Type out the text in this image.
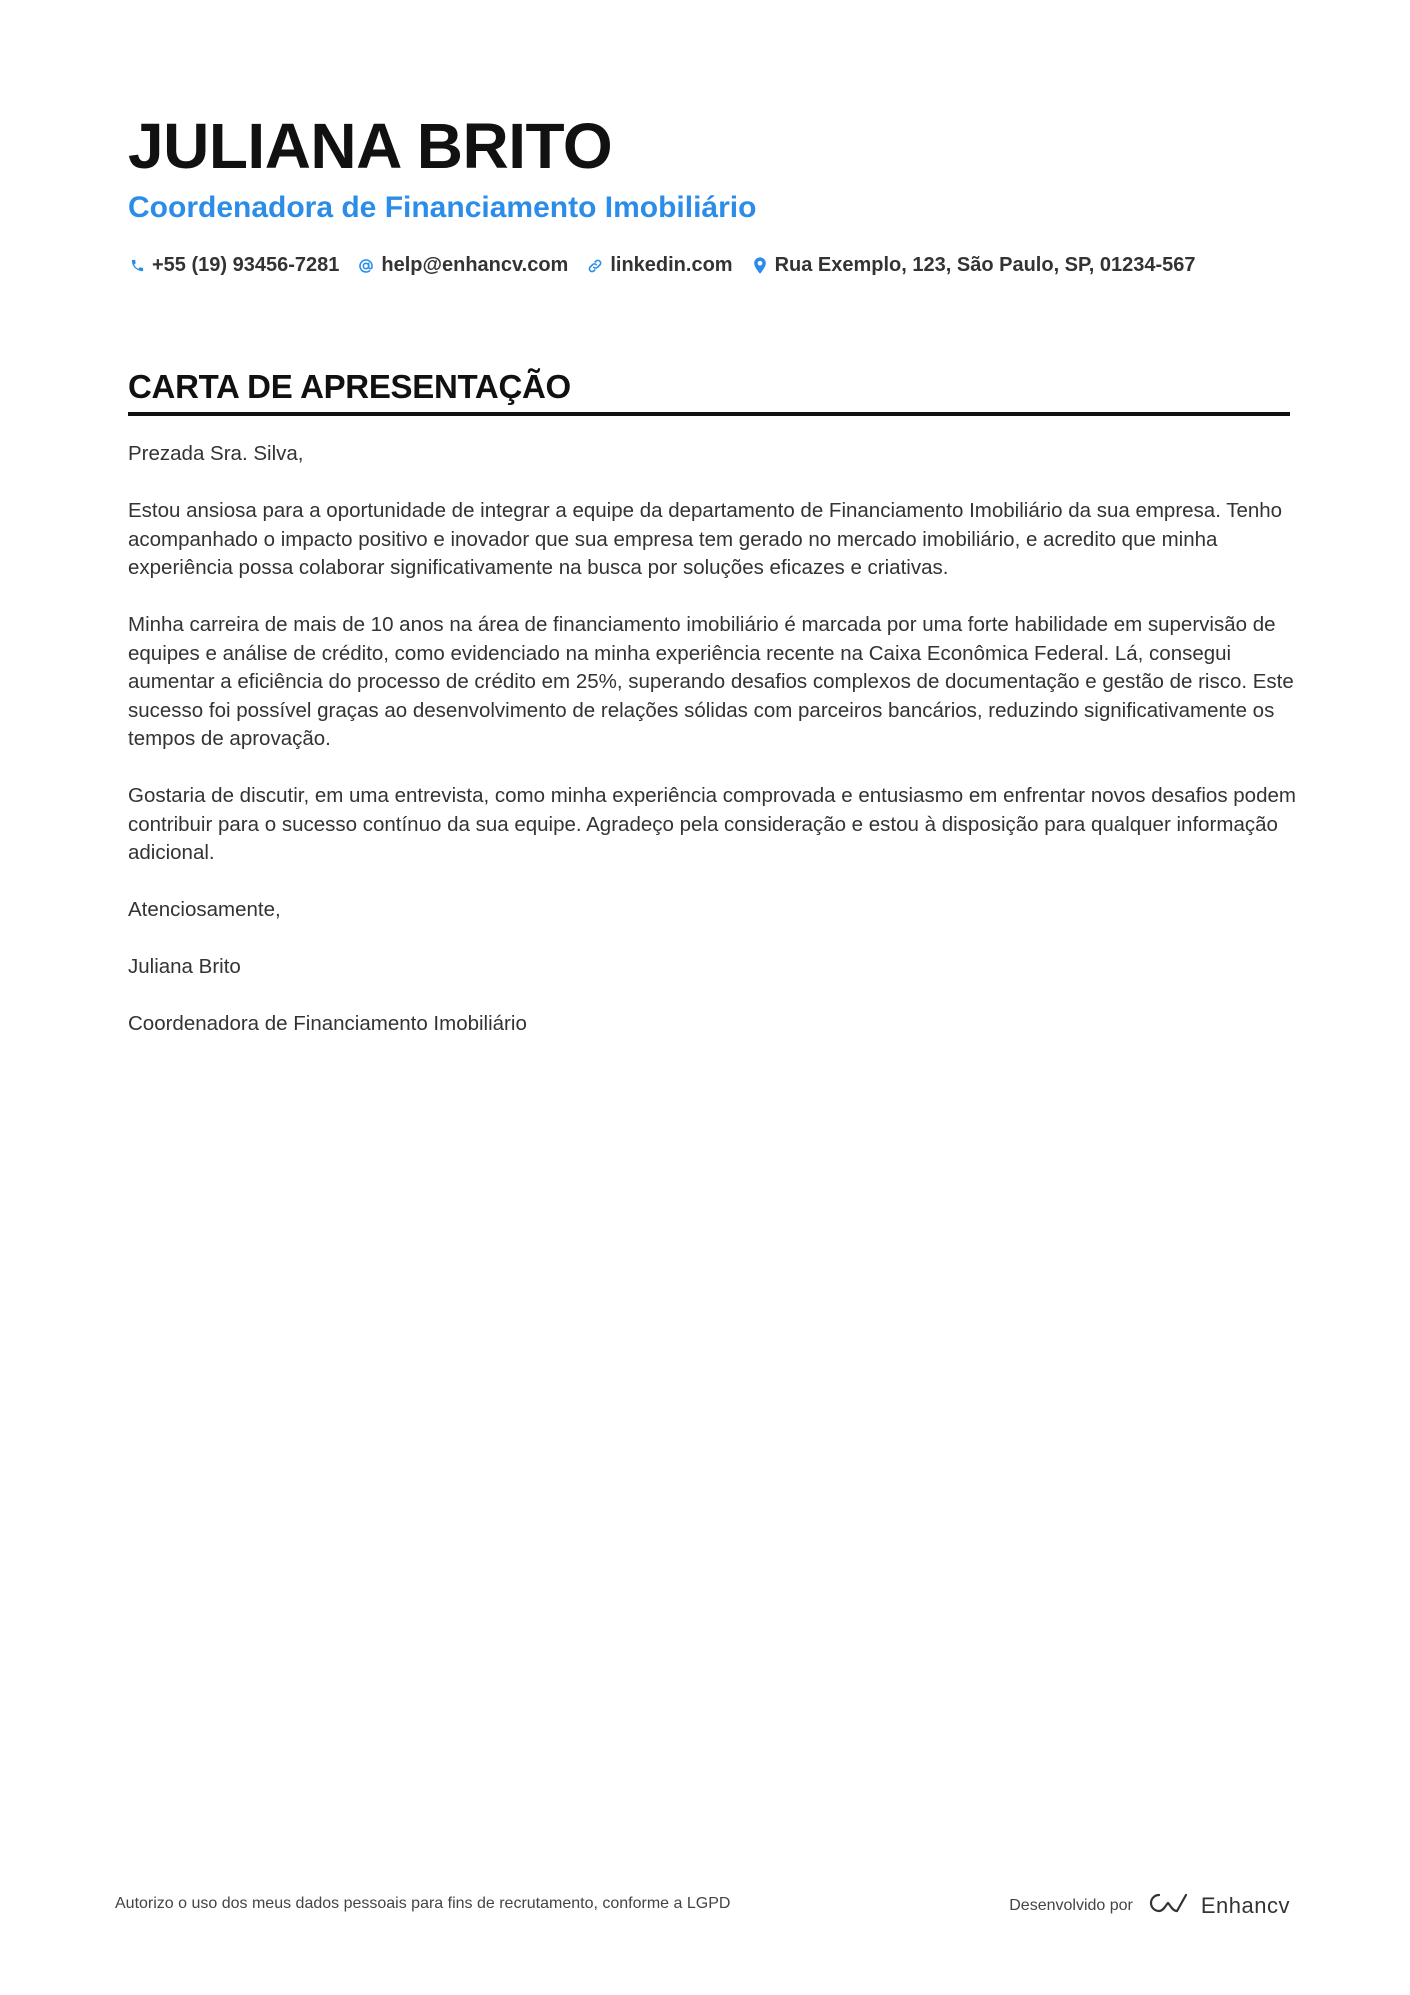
JULIANA BRITO
Coordenadora de Financiamento Imobiliário
+55 (19) 93456-7281 help@enhancv.com linkedin.com Rua Exemplo, 123, São Paulo, SP, 01234-567
CARTA DE APRESENTAÇÃO

Prezada Sra. Silva,

Estou ansiosa para a oportunidade de integrar a equipe da departamento de Financiamento Imobiliário da sua empresa. Tenho acompanhado o impacto positivo e inovador que sua empresa tem gerado no mercado imobiliário, e acredito que minha experiência possa colaborar significativamente na busca por soluções eficazes e criativas.

Minha carreira de mais de 10 anos na área de financiamento imobiliário é marcada por uma forte habilidade em supervisão de equipes e análise de crédito, como evidenciado na minha experiência recente na Caixa Econômica Federal. Lá, consegui aumentar a eficiência do processo de crédito em 25%, superando desafios complexos de documentação e gestão de risco. Este sucesso foi possível graças ao desenvolvimento de relações sólidas com parceiros bancários, reduzindo significativamente os tempos de aprovação.

Gostaria de discutir, em uma entrevista, como minha experiência comprovada e entusiasmo em enfrentar novos desafios podem contribuir para o sucesso contínuo da sua equipe. Agradeço pela consideração e estou à disposição para qualquer informação adicional.

Atenciosamente,

Juliana Brito

Coordenadora de Financiamento Imobiliário

Autorizo o uso dos meus dados pessoais para fins de recrutamento, conforme a LGPD	Desenvolvido por	Enhancv
